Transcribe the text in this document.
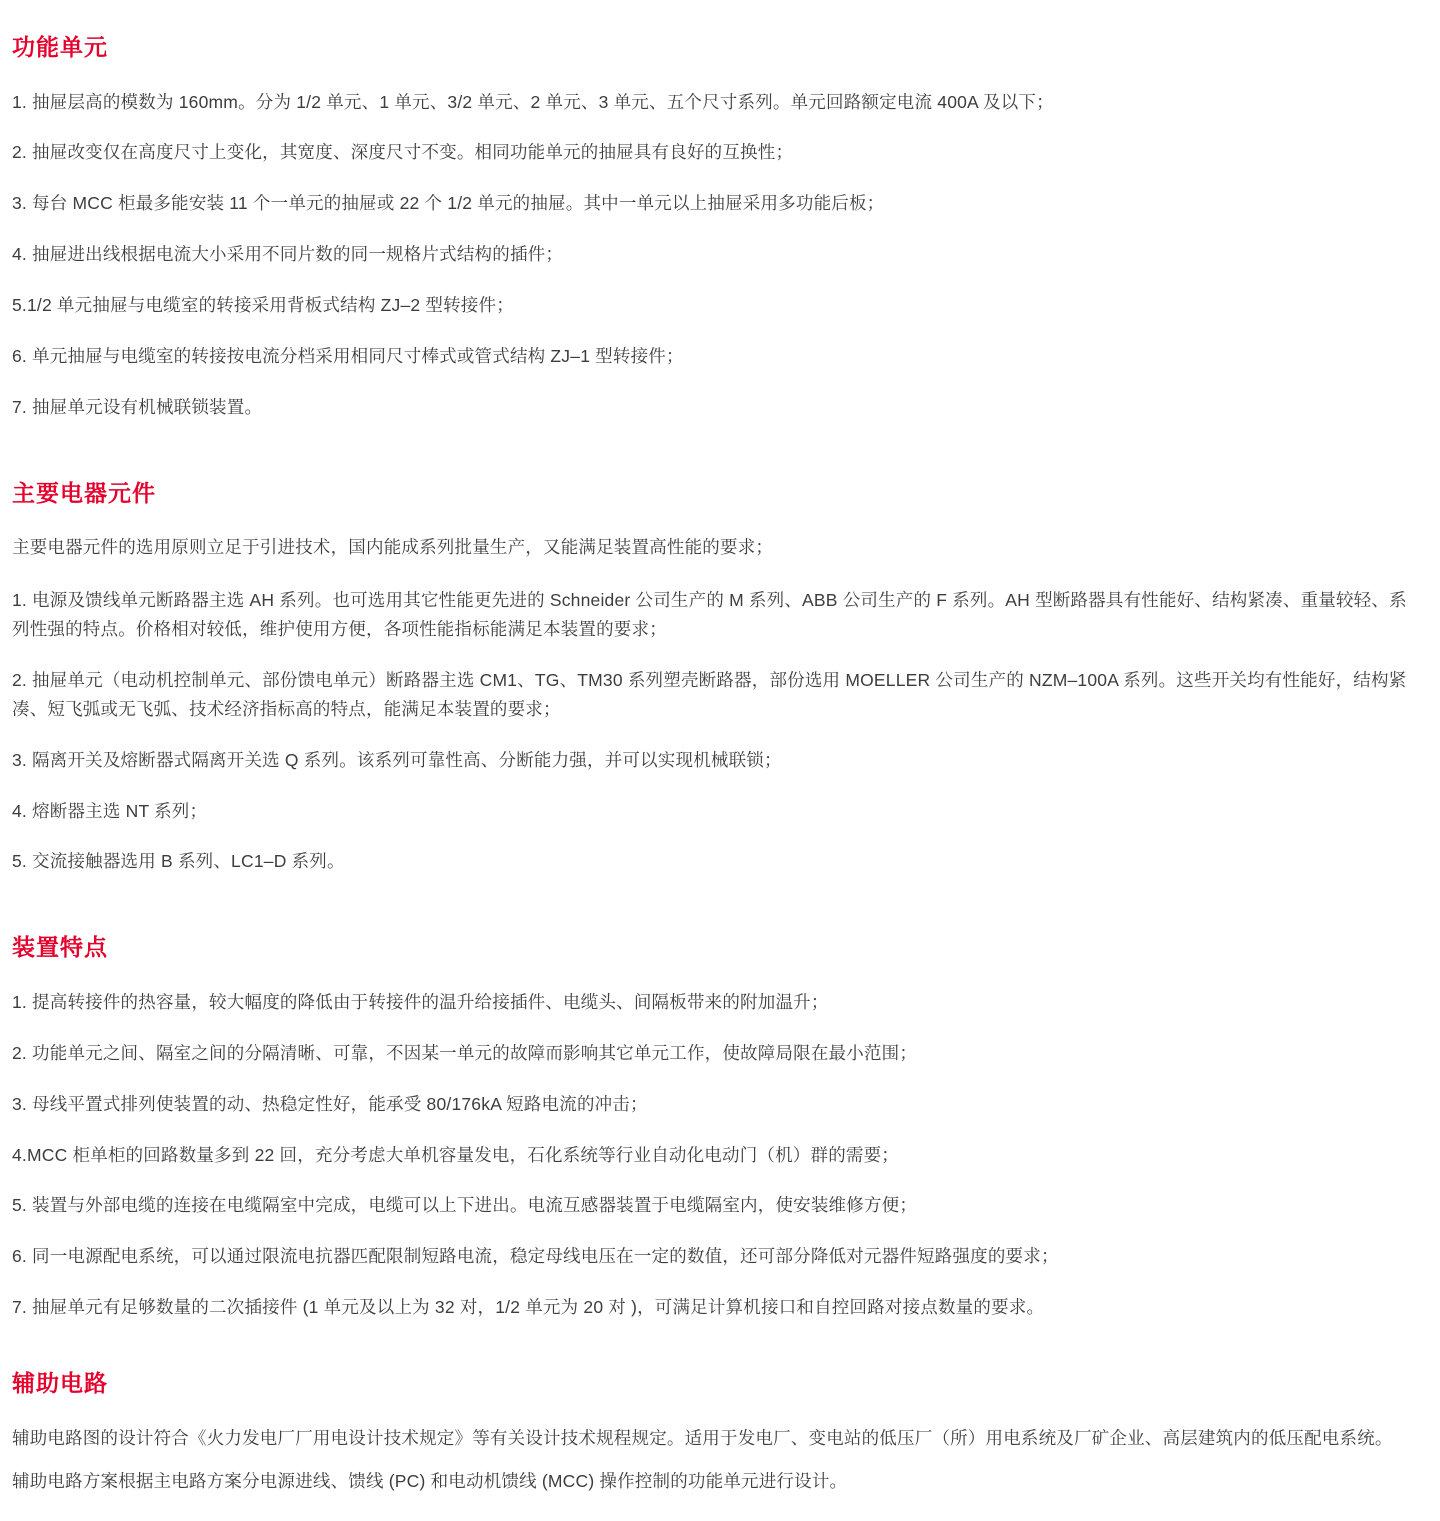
功能单元

1. 抽屉层高的模数为 160mm。分为 1/2 单元、1 单元、3/2 单元、2 单元、3 单元、五个尺寸系列。单元回路额定电流 400A 及以下；

2. 抽屉改变仅在高度尺寸上变化，其宽度、深度尺寸不变。相同功能单元的抽屉具有良好的互换性；

3. 每台 MCC 柜最多能安装 11 个一单元的抽屉或 22 个 1/2 单元的抽屉。其中一单元以上抽屉采用多功能后板；

4. 抽屉进出线根据电流大小采用不同片数的同一规格片式结构的插件；

5.1/2 单元抽屉与电缆室的转接采用背板式结构 ZJ–2 型转接件；

6. 单元抽屉与电缆室的转接按电流分档采用相同尺寸棒式或管式结构 ZJ–1 型转接件；

7. 抽屉单元设有机械联锁装置。

主要电器元件

主要电器元件的选用原则立足于引进技术，国内能成系列批量生产，又能满足装置高性能的要求；

1. 电源及馈线单元断路器主选 AH 系列。也可选用其它性能更先进的 Schneider 公司生产的 M 系列、ABB 公司生产的 F 系列。AH 型断路器具有性能好、结构紧凑、重量较轻、系列性强的特点。价格相对较低，维护使用方便，各项性能指标能满足本装置的要求；

2. 抽屉单元（电动机控制单元、部份馈电单元）断路器主选 CM1、TG、TM30 系列塑壳断路器，部份选用 MOELLER 公司生产的 NZM–100A 系列。这些开关均有性能好，结构紧凑、短飞弧或无飞弧、技术经济指标高的特点，能满足本装置的要求；

3. 隔离开关及熔断器式隔离开关选 Q 系列。该系列可靠性高、分断能力强，并可以实现机械联锁；

4. 熔断器主选 NT 系列；

5. 交流接触器选用 B 系列、LC1–D 系列。

装置特点

1. 提高转接件的热容量，较大幅度的降低由于转接件的温升给接插件、电缆头、间隔板带来的附加温升；

2. 功能单元之间、隔室之间的分隔清晰、可靠，不因某一单元的故障而影响其它单元工作，使故障局限在最小范围；

3. 母线平置式排列使装置的动、热稳定性好，能承受 80/176kA 短路电流的冲击；

4.MCC 柜单柜的回路数量多到 22 回，充分考虑大单机容量发电，石化系统等行业自动化电动门（机）群的需要；

5. 装置与外部电缆的连接在电缆隔室中完成，电缆可以上下进出。电流互感器装置于电缆隔室内，使安装维修方便；

6. 同一电源配电系统，可以通过限流电抗器匹配限制短路电流，稳定母线电压在一定的数值，还可部分降低对元器件短路强度的要求；

7. 抽屉单元有足够数量的二次插接件 (1 单元及以上为 32 对，1/2 单元为 20 对 )，可满足计算机接口和自控回路对接点数量的要求。

辅助电路

辅助电路图的设计符合《火力发电厂厂用电设计技术规定》等有关设计技术规程规定。适用于发电厂、变电站的低压厂（所）用电系统及厂矿企业、高层建筑内的低压配电系统。

辅助电路方案根据主电路方案分电源进线、馈线 (PC) 和电动机馈线 (MCC) 操作控制的功能单元进行设计。
